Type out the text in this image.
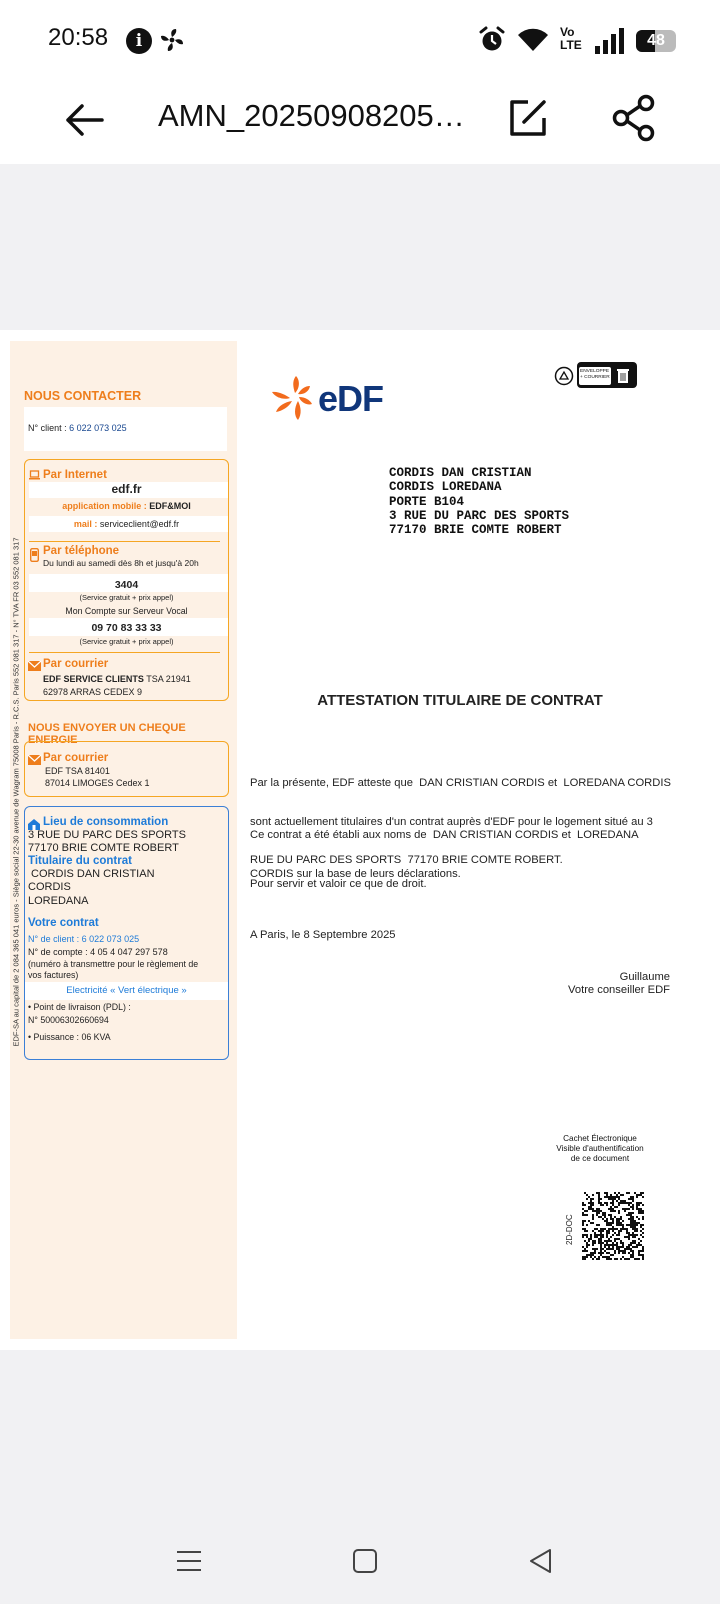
20:58	i	Vo LTE	48
AMN_20250908205…
EDF-SA au capital de 2 084 365 041 euros - Siège social 22-30 avenue de Wagram 75008 Paris - R.C.S. Paris 552 081 317 - N° TVA FR 03 552 081 317
NOUS CONTACTER
N° client : 6 022 073 025
Par Internet
edf.fr
application mobile : EDF&MOI
mail : serviceclient@edf.fr
Par téléphone
Du lundi au samedi dès 8h et jusqu'à 20h
3404
(Service gratuit + prix appel)
Mon Compte sur Serveur Vocal
09 70 83 33 33
(Service gratuit + prix appel)
Par courrier
EDF SERVICE CLIENTS TSA 21941
62978 ARRAS CEDEX 9
NOUS ENVOYER UN CHEQUE ENERGIE
Par courrier
EDF TSA 81401
87014 LIMOGES Cedex 1
Lieu de consommation
3 RUE DU PARC DES SPORTS
77170 BRIE COMTE ROBERT
Titulaire du contrat
CORDIS DAN CRISTIAN
CORDIS
LOREDANA
Votre contrat
N° de client : 6 022 073 025
N° de compte : 4 05 4 047 297 578
(numéro à transmettre pour le règlement de
vos factures)
Electricité « Vert électrique »
• Point de livraison (PDL) :
N° 50006302660694
• Puissance : 06 KVA
eDF
ENVELOPPE
+ COURRIER
CORDIS DAN CRISTIAN
CORDIS LOREDANA
PORTE B104
3 RUE DU PARC DES SPORTS
77170 BRIE COMTE ROBERT
ATTESTATION TITULAIRE DE CONTRAT

Par la présente, EDF atteste que  DAN CRISTIAN CORDIS et  LOREDANA CORDIS

sont actuellement titulaires d'un contrat auprès d'EDF pour le logement situé au 3

RUE DU PARC DES SPORTS  77170 BRIE COMTE ROBERT.

Ce contrat a été établi aux noms de  DAN CRISTIAN CORDIS et  LOREDANA

CORDIS sur la base de leurs déclarations.

Pour servir et valoir ce que de droit.
A Paris, le 8 Septembre 2025
Guillaume
Votre conseiller EDF
Cachet Électronique
Visible d'authentification
de ce document
2D-DOC
